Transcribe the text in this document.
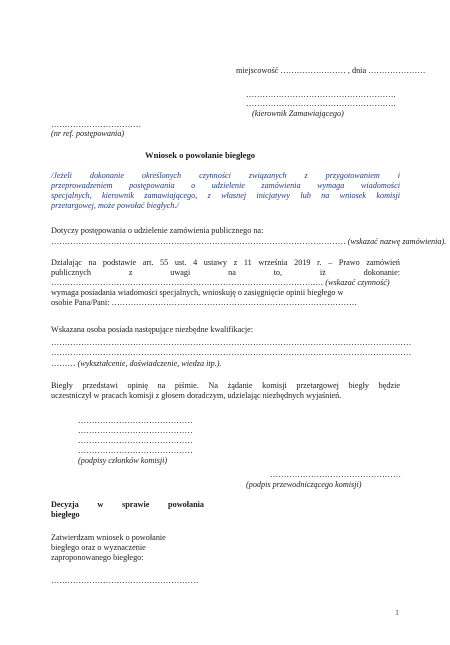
miejscowość …………………… , dnia …………………
……………………………………………….
……………………………………………….
(kierownik Zamawiającego)
……………………………
(nr ref. postępowania)
Wniosek o powołanie biegłego
/Jeżeli dokonanie określonych czynności związanych z przygotowaniem i
przeprowadzeniem postępowania o udzielenie zamówienia wymaga wiadomości
specjalnych, kierownik zamawiającego, z własnej inicjatywy lub na wniosek komisji
przetargowej, może powołać biegłych./
Dotyczy postępowania o udzielenie zamówienia publicznego na:
……………………………………………………………………………………………… (wskazać nazwę zamówienia).
Działając na podstawie art. 55 ust. 4 ustawy z 11 września 2019 r. – Prawo zamówień
publicznych z uwagi na to, iż dokonanie:
…………………………………………………………………………………….… (wskazać czynność)
wymaga posiadania wiadomości specjalnych, wnioskuję o zasięgnięcie opinii biegłego w
osobie Pana/Pani: ………………………………………………………………………………
Wskazana osoba posiada następujące niezbędne kwalifikacje:
……………………………………………………………………………………………………………………
……………………………………………………………………………………………………………………
……… (wykształcenie, doświadczenie, wiedza itp.).
Biegły przedstawi opinię na piśmie. Na żądanie komisji przetargowej biegły będzie
uczestniczył w pracach komisji z głosem doradczym, udzielając niezbędnych wyjaśnień.
……………………………………
……………………………………
……………………………………
……………………………………
(podpisy członków komisji)
…………………………………………
(podpis przewodniczącego komisji)
Decyzja w sprawie powołania
biegłego
Zatwierdzam wniosek o powołanie
biegłego oraz o wyznaczenie
zaproponowanego biegłego:
………………………………………………
1
